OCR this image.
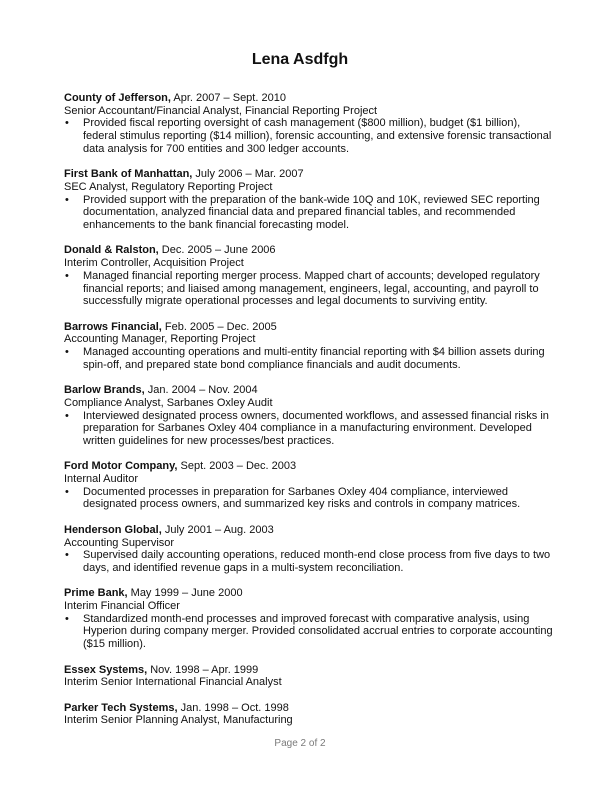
Lena Asdfgh
County of Jefferson, Apr. 2007 – Sept. 2010
Senior Accountant/Financial Analyst, Financial Reporting Project
• Provided fiscal reporting oversight of cash management ($800 million), budget ($1 billion), federal stimulus reporting ($14 million), forensic accounting, and extensive forensic transactional data analysis for 700 entities and 300 ledger accounts.
First Bank of Manhattan, July 2006 – Mar. 2007
SEC Analyst, Regulatory Reporting Project
• Provided support with the preparation of the bank-wide 10Q and 10K, reviewed SEC reporting documentation, analyzed financial data and prepared financial tables, and recommended enhancements to the bank financial forecasting model.
Donald & Ralston, Dec. 2005 – June 2006
Interim Controller, Acquisition Project
• Managed financial reporting merger process. Mapped chart of accounts; developed regulatory financial reports; and liaised among management, engineers, legal, accounting, and payroll to successfully migrate operational processes and legal documents to surviving entity.
Barrows Financial, Feb. 2005 – Dec. 2005
Accounting Manager, Reporting Project
• Managed accounting operations and multi-entity financial reporting with $4 billion assets during spin-off, and prepared state bond compliance financials and audit documents.
Barlow Brands, Jan. 2004 – Nov. 2004
Compliance Analyst, Sarbanes Oxley Audit
• Interviewed designated process owners, documented workflows, and assessed financial risks in preparation for Sarbanes Oxley 404 compliance in a manufacturing environment. Developed written guidelines for new processes/best practices.
Ford Motor Company, Sept. 2003 – Dec. 2003
Internal Auditor
• Documented processes in preparation for Sarbanes Oxley 404 compliance, interviewed designated process owners, and summarized key risks and controls in company matrices.
Henderson Global, July 2001 – Aug. 2003
Accounting Supervisor
• Supervised daily accounting operations, reduced month-end close process from five days to two days, and identified revenue gaps in a multi-system reconciliation.
Prime Bank, May 1999 – June 2000
Interim Financial Officer
• Standardized month-end processes and improved forecast with comparative analysis, using Hyperion during company merger. Provided consolidated accrual entries to corporate accounting ($15 million).
Essex Systems, Nov. 1998 – Apr. 1999
Interim Senior International Financial Analyst
Parker Tech Systems, Jan. 1998 – Oct. 1998
Interim Senior Planning Analyst, Manufacturing
Page 2 of 2
